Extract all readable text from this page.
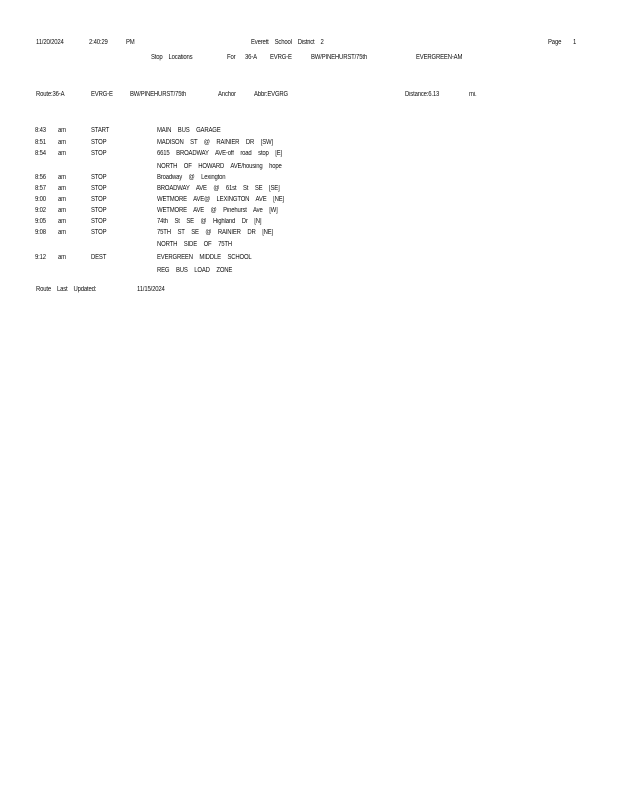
11/20/2024	2:40:29	PM	Everett    School    District    2	Page 1
Stop    Locations	For 36-A EVRG-E	BW/PINEHURST/75th	EVERGREEN-AM
Route:36-A	EVRG-E BW/PINEHURST/75th	Anchor	Abbr:EVGRG	Distance:6.13	mi.
8:43 am	START	MAIN BUS GARAGE
8:51 am	STOP	MADISON ST @ RAINIER DR [SW]
8:54 am	STOP	6615 BROADWAY AVE-off road stop [E]
NORTH OF HOWARD AVE/housing hope
8:56 am	STOP	Broadway @ Lexington
8:57 am	STOP	BROADWAY AVE @ 61st St SE [SE]
9:00 am	STOP	WETMORE AVE@ LEXINGTON AVE [NE]
9:02 am	STOP	WETMORE AVE @ Pinehurst Ave [W]
9:05 am	STOP	74th St SE @ Highland Dr [N]
9:08 am	STOP	75TH ST SE @ RAINIER DR [NE]
NORTH SIDE OF 75TH
9:12 am	DEST	EVERGREEN MIDDLE SCHOOL
REG BUS LOAD ZONE
Route    Last    Updated:	11/15/2024
